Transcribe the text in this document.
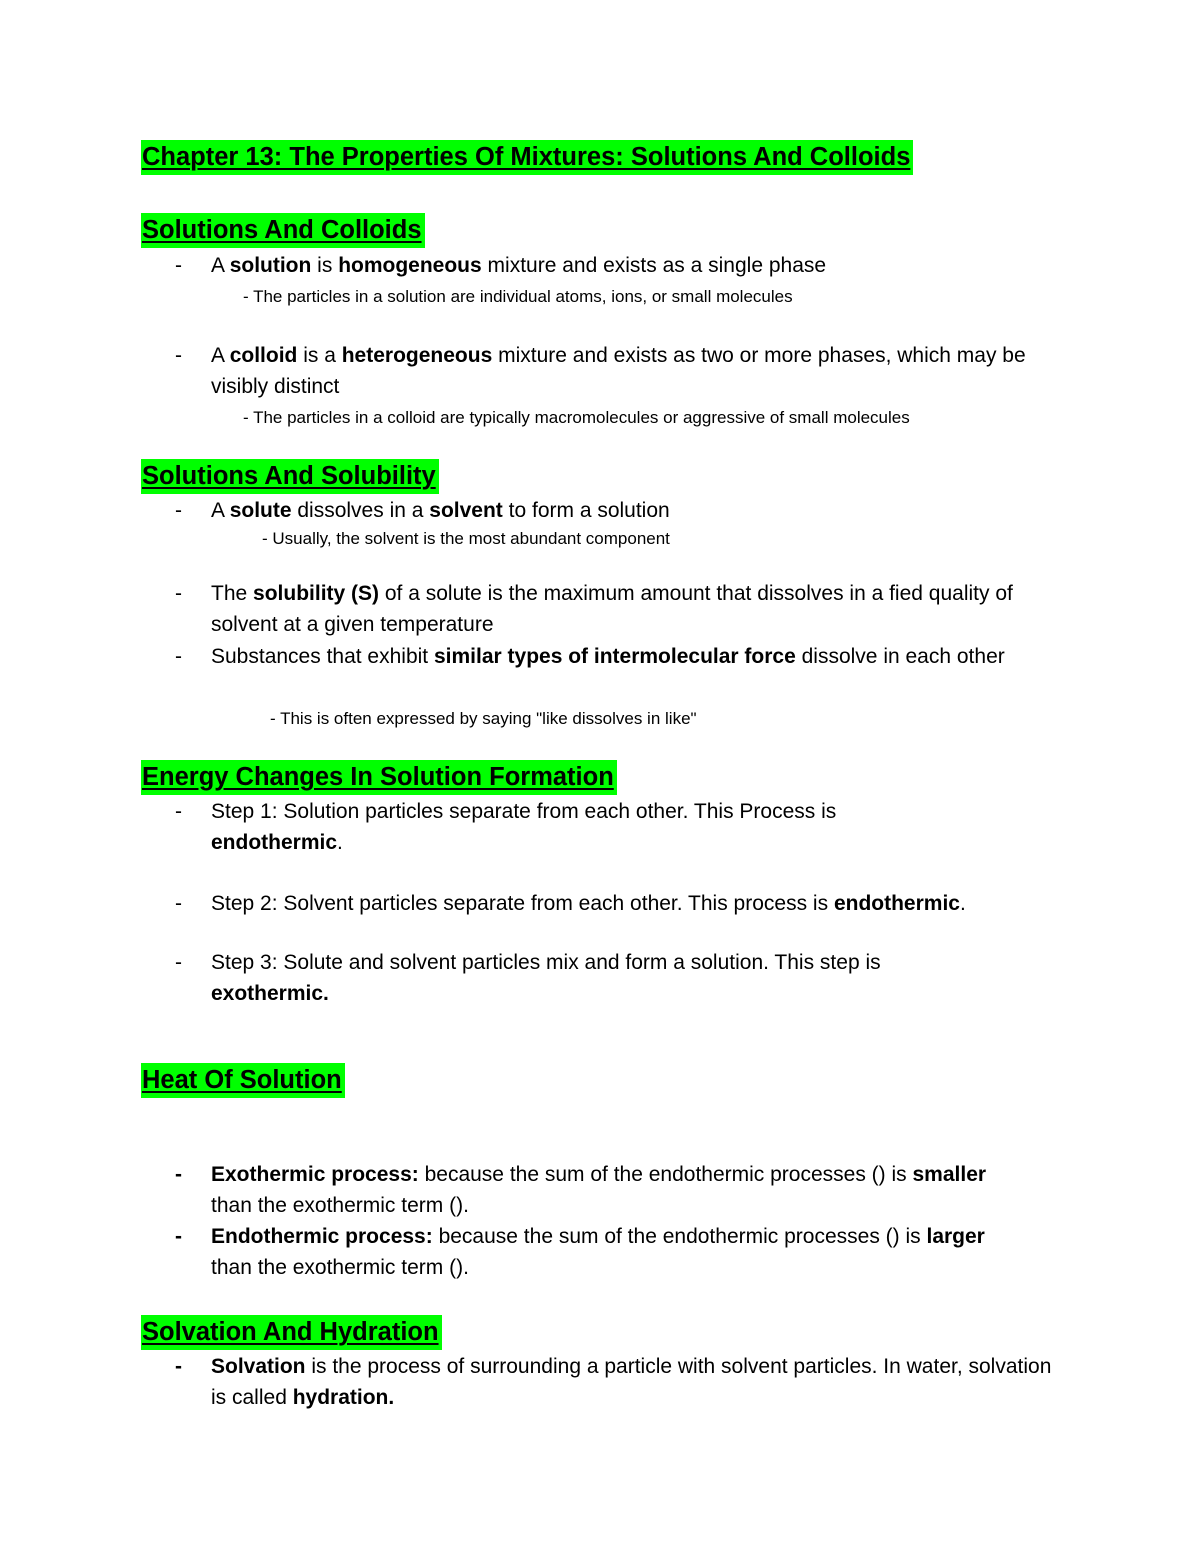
Chapter 13: The Properties Of Mixtures: Solutions And Colloids
Solutions And Colloids
- A solution is homogeneous mixture and exists as a single phase
- The particles in a solution are individual atoms, ions, or small molecules
- A colloid is a heterogeneous mixture and exists as two or more phases, which may be visibly distinct
- The particles in a colloid are typically macromolecules or aggressive of small molecules
Solutions And Solubility
- A solute dissolves in a solvent to form a solution
- Usually, the solvent is the most abundant component
- The solubility (S) of a solute is the maximum amount that dissolves in a fied quality of solvent at a given temperature
- Substances that exhibit similar types of intermolecular force dissolve in each other
- This is often expressed by saying "like dissolves in like"
Energy Changes In Solution Formation
- Step 1: Solution particles separate from each other. This Process is endothermic.
- Step 2: Solvent particles separate from each other. This process is endothermic.
- Step 3: Solute and solvent particles mix and form a solution. This step is exothermic.
Heat Of Solution
- Exothermic process: because the sum of the endothermic processes () is smaller than the exothermic term ().
- Endothermic process: because the sum of the endothermic processes () is larger than the exothermic term ().
Solvation And Hydration
- Solvation is the process of surrounding a particle with solvent particles. In water, solvation is called hydration.
